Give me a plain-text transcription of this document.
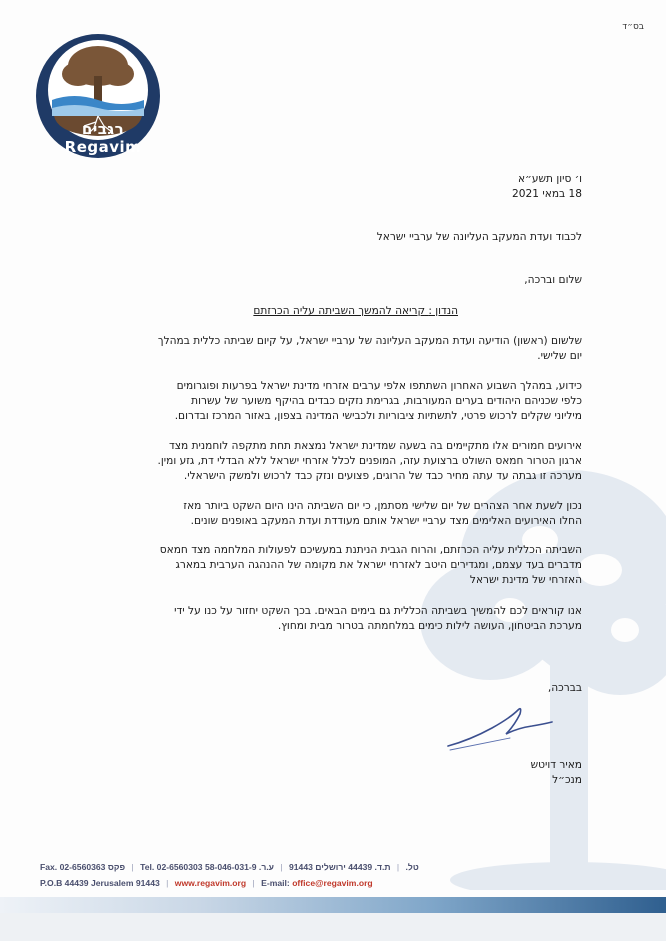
רגבים Regavim
בס״ד
ו׳ סיון תשע״א
18 במאי 2021
לכבוד ועדת המעקב העליונה של ערביי ישראל
שלום וברכה,
הנדון : קריאה להמשך השביתה עליה הכרזתם
שלשום (ראשון) הודיעה ועדת המעקב העליונה של ערביי ישראל, על קיום שביתה כללית במהלך
יום שלישי.
כידוע, במהלך השבוע האחרון השתתפו אלפי ערבים אזרחי מדינת ישראל בפרעות ופוגרומים
כלפי שכניהם היהודים בערים המעורבות, בגרימת נזקים כבדים בהיקף משוער של עשרות
מיליוני שקלים לרכוש פרטי, לתשתיות ציבוריות ולכבישי המדינה בצפון, באזור המרכז ובדרום.
אירועים חמורים אלו מתקיימים בה בשעה שמדינת ישראל נמצאת תחת מתקפה לוחמנית מצד
ארגון הטרור חמאס השולט ברצועת עזה, המופנים לכלל אזרחי ישראל ללא הבדלי דת, גזע ומין.
מערכה זו גבתה עד עתה מחיר כבד של הרוגים, פצועים ונזק כבד לרכוש ולמשק הישראלי.
נכון לשעת אחר הצהרים של יום שלישי מסתמן, כי יום השביתה הינו היום השקט ביותר מאז
החלו האירועים האלימים מצד ערביי ישראל אותם מעודדת ועדת המעקב באופנים שונים.
השביתה הכללית עליה הכרזתם, והרוח הגבית הניתנת במעשיכם לפעולות המלחמה מצד חמאס
מדברים בעד עצמם, ומגדירים היטב לאזרחי ישראל את מקומה של ההנהגה הערבית במארג
האזרחי של מדינת ישראל
אנו קוראים לכם להמשיך בשביתה הכללית גם בימים הבאים. בכך השקט יחזור על כנו על ידי
מערכת הביטחון, העושה לילות כימים במלחמתה בטרור מבית ומחוץ.
בברכה,
מאיר דויטש
מנכ״ל
Fax. 02-6560363 פקס | Tel. 02-6560303 טל. | ת.ד. 44439 ירושלים 91443 | ע.ר. 58-046-031-9
P.O.B 44439 Jerusalem 91443 | www.regavim.org | E-mail: office@regavim.org
